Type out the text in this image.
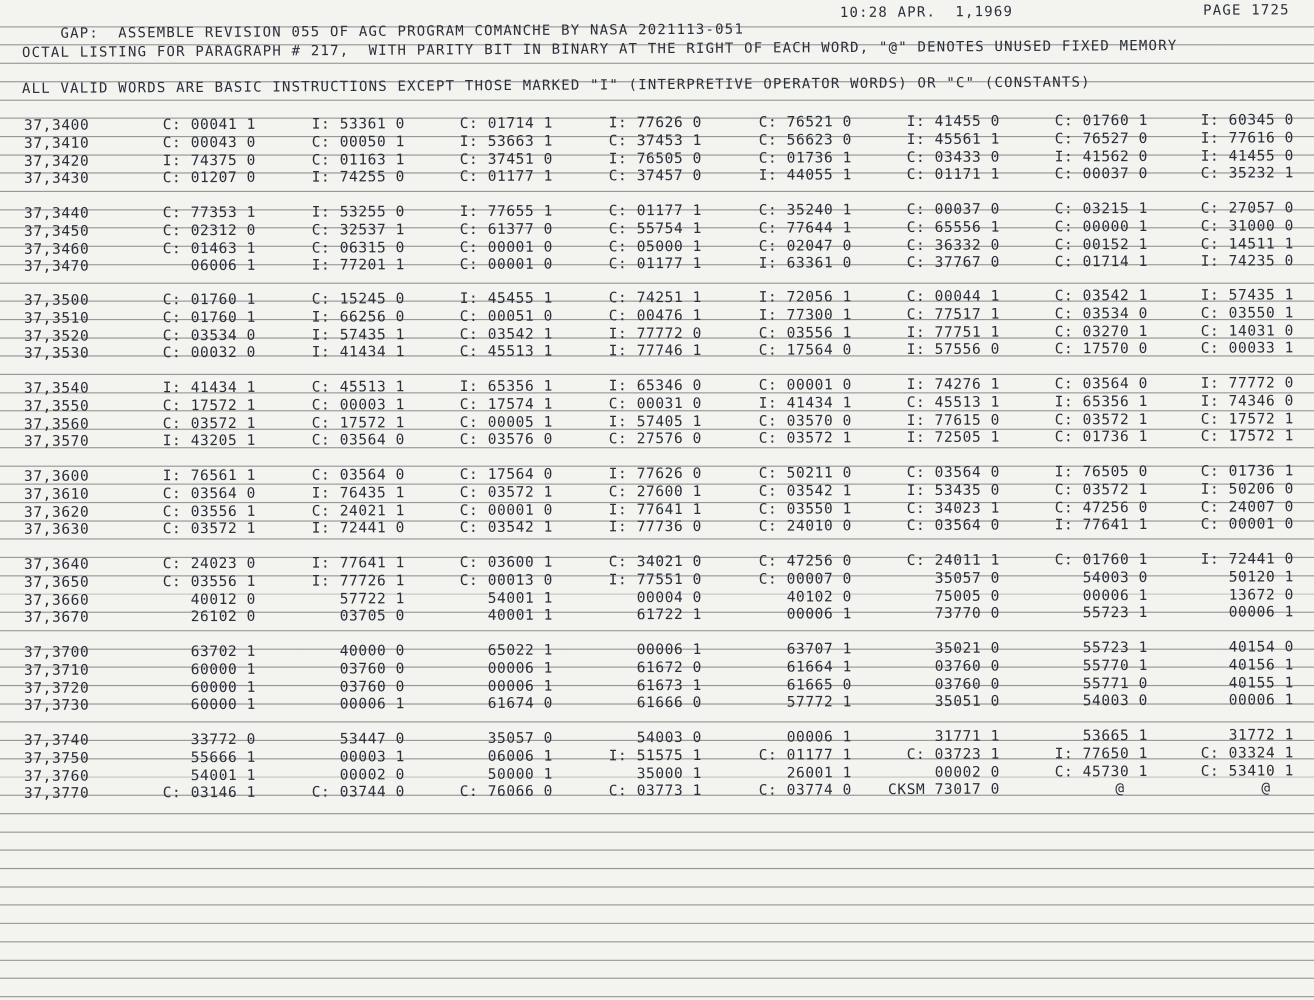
GAP:  ASSEMBLE REVISION 055 OF AGC PROGRAM COMANCHE BY NASA 2021113-051

10:28 APR.  1,1969

	PAGE 1725

OCTAL LISTING FOR PARAGRAPH # 217,  WITH PARITY BIT IN BINARY AT THE RIGHT OF EACH WORD, "@" DENOTES UNUSED FIXED MEMORY
ALL VALID WORDS ARE BASIC INSTRUCTIONS EXCEPT THOSE MARKED "I" (INTERPRETIVE OPERATOR WORDS) OR "C" (CONSTANTS)
37,3400	C: 00041 1	I: 53361 0	C: 01714 1	I: 77626 0	C: 76521 0	I: 41455 0	C: 01760 1	I: 60345 0
37,3410	C: 00043 0	C: 00050 1	I: 53663 1	C: 37453 1	C: 56623 0	I: 45561 1	C: 76527 0	I: 77616 0
37,3420	I: 74375 0	C: 01163 1	C: 37451 0	I: 76505 0	C: 01736 1	C: 03433 0	I: 41562 0	I: 41455 0
37,3430	C: 01207 0	I: 74255 0	C: 01177 1	C: 37457 0	I: 44055 1	C: 01171 1	C: 00037 0	C: 35232 1
37,3440	C: 77353 1	I: 53255 0	I: 77655 1	C: 01177 1	C: 35240 1	C: 00037 0	C: 03215 1	C: 27057 0
37,3450	C: 02312 0	C: 32537 1	C: 61377 0	C: 55754 1	C: 77644 1	C: 65556 1	C: 00000 1	C: 31000 0
37,3460	C: 01463 1	C: 06315 0	C: 00001 0	C: 05000 1	C: 02047 0	C: 36332 0	C: 00152 1	C: 14511 1
37,3470	06006 1	I: 77201 1	C: 00001 0	C: 01177 1	I: 63361 0	C: 37767 0	C: 01714 1	I: 74235 0
37,3500	C: 01760 1	C: 15245 0	I: 45455 1	C: 74251 1	I: 72056 1	C: 00044 1	C: 03542 1	I: 57435 1
37,3510	C: 01760 1	I: 66256 0	C: 00051 0	C: 00476 1	I: 77300 1	C: 77517 1	C: 03534 0	C: 03550 1
37,3520	C: 03534 0	I: 57435 1	C: 03542 1	I: 77772 0	C: 03556 1	I: 77751 1	C: 03270 1	C: 14031 0
37,3530	C: 00032 0	I: 41434 1	C: 45513 1	I: 77746 1	C: 17564 0	I: 57556 0	C: 17570 0	C: 00033 1
37,3540	I: 41434 1	C: 45513 1	I: 65356 1	I: 65346 0	C: 00001 0	I: 74276 1	C: 03564 0	I: 77772 0
37,3550	C: 17572 1	C: 00003 1	C: 17574 1	C: 00031 0	I: 41434 1	C: 45513 1	I: 65356 1	I: 74346 0
37,3560	C: 03572 1	C: 17572 1	C: 00005 1	I: 57405 1	C: 03570 0	I: 77615 0	C: 03572 1	C: 17572 1
37,3570	I: 43205 1	C: 03564 0	C: 03576 0	C: 27576 0	C: 03572 1	I: 72505 1	C: 01736 1	C: 17572 1
37,3600	I: 76561 1	C: 03564 0	C: 17564 0	I: 77626 0	C: 50211 0	C: 03564 0	I: 76505 0	C: 01736 1
37,3610	C: 03564 0	I: 76435 1	C: 03572 1	C: 27600 1	C: 03542 1	I: 53435 0	C: 03572 1	I: 50206 0
37,3620	C: 03556 1	C: 24021 1	C: 00001 0	I: 77641 1	C: 03550 1	C: 34023 1	C: 47256 0	C: 24007 0
37,3630	C: 03572 1	I: 72441 0	C: 03542 1	I: 77736 0	C: 24010 0	C: 03564 0	I: 77641 1	C: 00001 0
37,3640	C: 24023 0	I: 77641 1	C: 03600 1	C: 34021 0	C: 47256 0	C: 24011 1	C: 01760 1	I: 72441 0
37,3650	C: 03556 1	I: 77726 1	C: 00013 0	I: 77551 0	C: 00007 0	35057 0	54003 0	50120 1
37,3660	40012 0	57722 1	54001 1	00004 0	40102 0	75005 0	00006 1	13672 0
37,3670	26102 0	03705 0	40001 1	61722 1	00006 1	73770 0	55723 1	00006 1
37,3700	63702 1	40000 0	65022 1	00006 1	63707 1	35021 0	55723 1	40154 0
37,3710	60000 1	03760 0	00006 1	61672 0	61664 1	03760 0	55770 1	40156 1
37,3720	60000 1	03760 0	00006 1	61673 1	61665 0	03760 0	55771 0	40155 1
37,3730	60000 1	00006 1	61674 0	61666 0	57772 1	35051 0	54003 0	00006 1
37,3740	33772 0	53447 0	35057 0	54003 0	00006 1	31771 1	53665 1	31772 1
37,3750	55666 1	00003 1	06006 1	I: 51575 1	C: 01177 1	C: 03723 1	I: 77650 1	C: 03324 1
37,3760	54001 1	00002 0	50000 1	35000 1	26001 1	00002 0	C: 45730 1	C: 53410 1
37,3770	C: 03146 1	C: 03744 0	C: 76066 0	C: 03773 1	C: 03774 0	CKSM 73017 0	@	@
